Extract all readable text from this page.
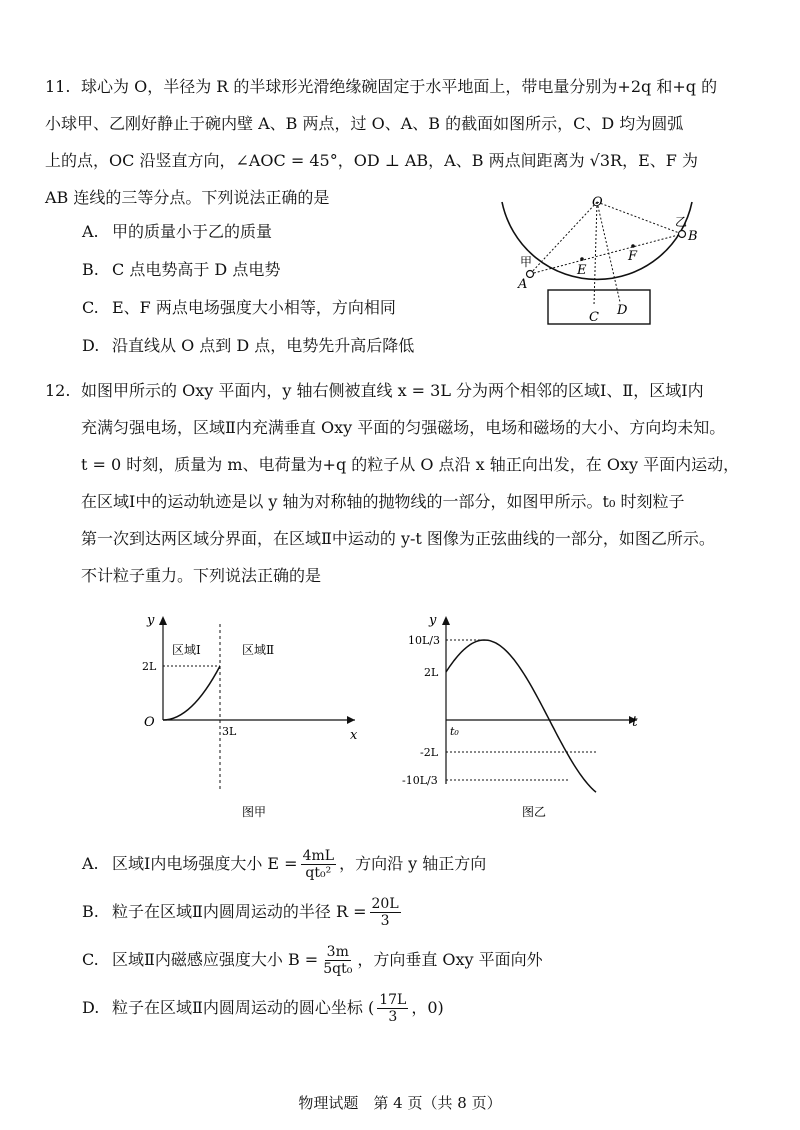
11. 球心为 O，半径为 R 的半球形光滑绝缘碗固定于水平地面上，带电量分别为+2q 和+q 的
小球甲、乙刚好静止于碗内壁 A、B 两点，过 O、A、B 的截面如图所示，C、D 均为圆弧
上的点，OC 沿竖直方向，∠AOC = 45°，OD ⊥ AB，A、B 两点间距离为 √3R，E、F 为
AB 连线的三等分点。下列说法正确的是
A. 甲的质量小于乙的质量
B. C 点电势高于 D 点电势
C. E、F 两点电场强度大小相等，方向相同
D. 沿直线从 O 点到 D 点，电势先升高后降低
O
A
B
C D
E
F
甲
乙
12. 如图甲所示的 Oxy 平面内，y 轴右侧被直线 x = 3L 分为两个相邻的区域Ⅰ、Ⅱ，区域Ⅰ内
充满匀强电场，区域Ⅱ内充满垂直 Oxy 平面的匀强磁场，电场和磁场的大小、方向均未知。
t = 0 时刻，质量为 m、电荷量为+q 的粒子从 O 点沿 x 轴正向出发，在 Oxy 平面内运动，
在区域Ⅰ中的运动轨迹是以 y 轴为对称轴的抛物线的一部分，如图甲所示。t₀ 时刻粒子
第一次到达两区域分界面，在区域Ⅱ中运动的 y-t 图像为正弦曲线的一部分，如图乙所示。
不计粒子重力。下列说法正确的是
y
x
O
区域Ⅰ	区域Ⅱ
2L
3L
图甲
y
t
t₀
10L/3
2L
-2L
-10L/3
图乙
A. 区域Ⅰ内电场强度大小 $E = \frac{4mL}{\text{qt₀²}}$ ，方向沿 y 轴正方向
B. 粒子在区域Ⅱ内圆周运动的半径 $R = \frac{20L}{3}$
C. 区域Ⅱ内磁感应强度大小 $B = \frac{3m}{\text{5qt₀}}$ ，方向垂直 Oxy 平面向外
D. 粒子在区域Ⅱ内圆周运动的圆心坐标 ( $\frac{17L}{3}$ ，0)
物理试题　第 4 页（共 8 页）
